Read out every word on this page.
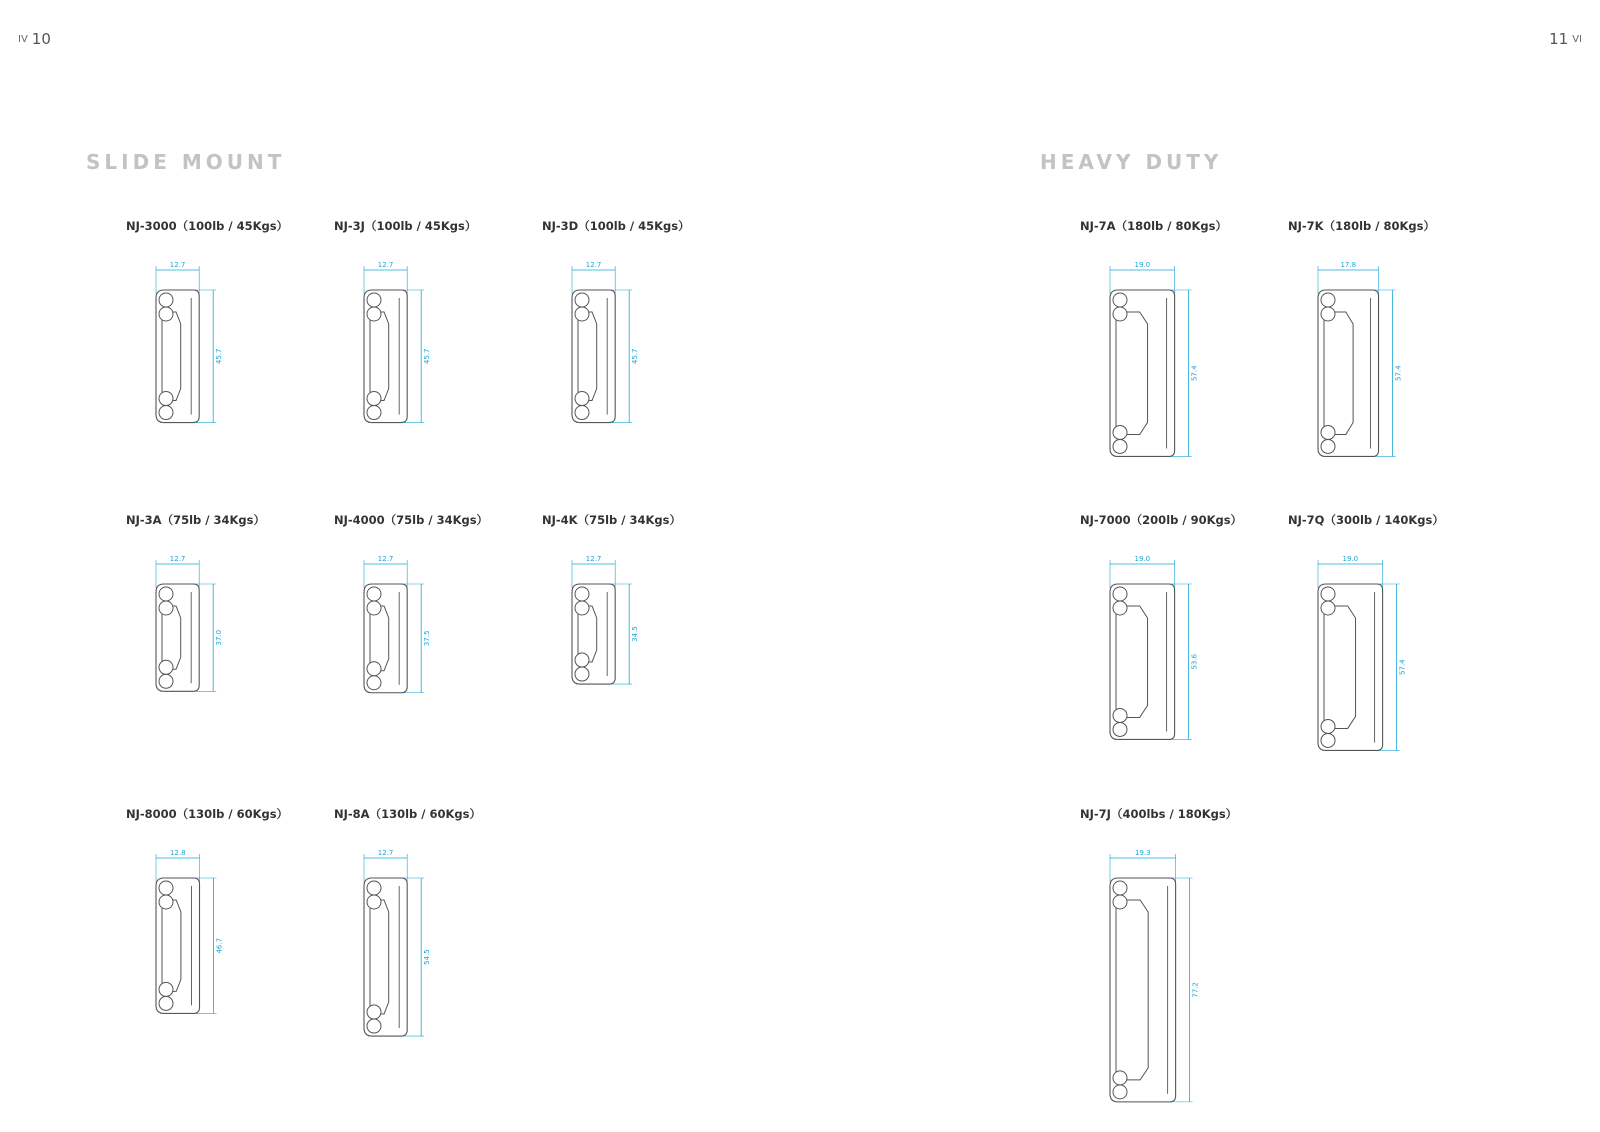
IV 10	11 VI
SLIDE MOUNT	HEAVY DUTY
NJ-3000（100lb / 45Kgs）
12.7
45.7
NJ-3J（100lb / 45Kgs）
12.7
45.7
NJ-3D（100lb / 45Kgs）
12.7
45.7
NJ-3A（75lb / 34Kgs）
12.7
37.0
NJ-4000（75lb / 34Kgs）
12.7
37.5
NJ-4K（75lb / 34Kgs）
12.7
34.5
NJ-8000（130lb / 60Kgs）
12.8
46.7
NJ-8A（130lb / 60Kgs）
12.7
54.5
NJ-7A（180lb / 80Kgs）
19.0
57.4
NJ-7K（180lb / 80Kgs）
17.8
57.4
NJ-7000（200lb / 90Kgs）
19.0
53.6
NJ-7Q（300lb / 140Kgs）
19.0
57.4
NJ-7J（400lbs / 180Kgs）
19.3
77.2
